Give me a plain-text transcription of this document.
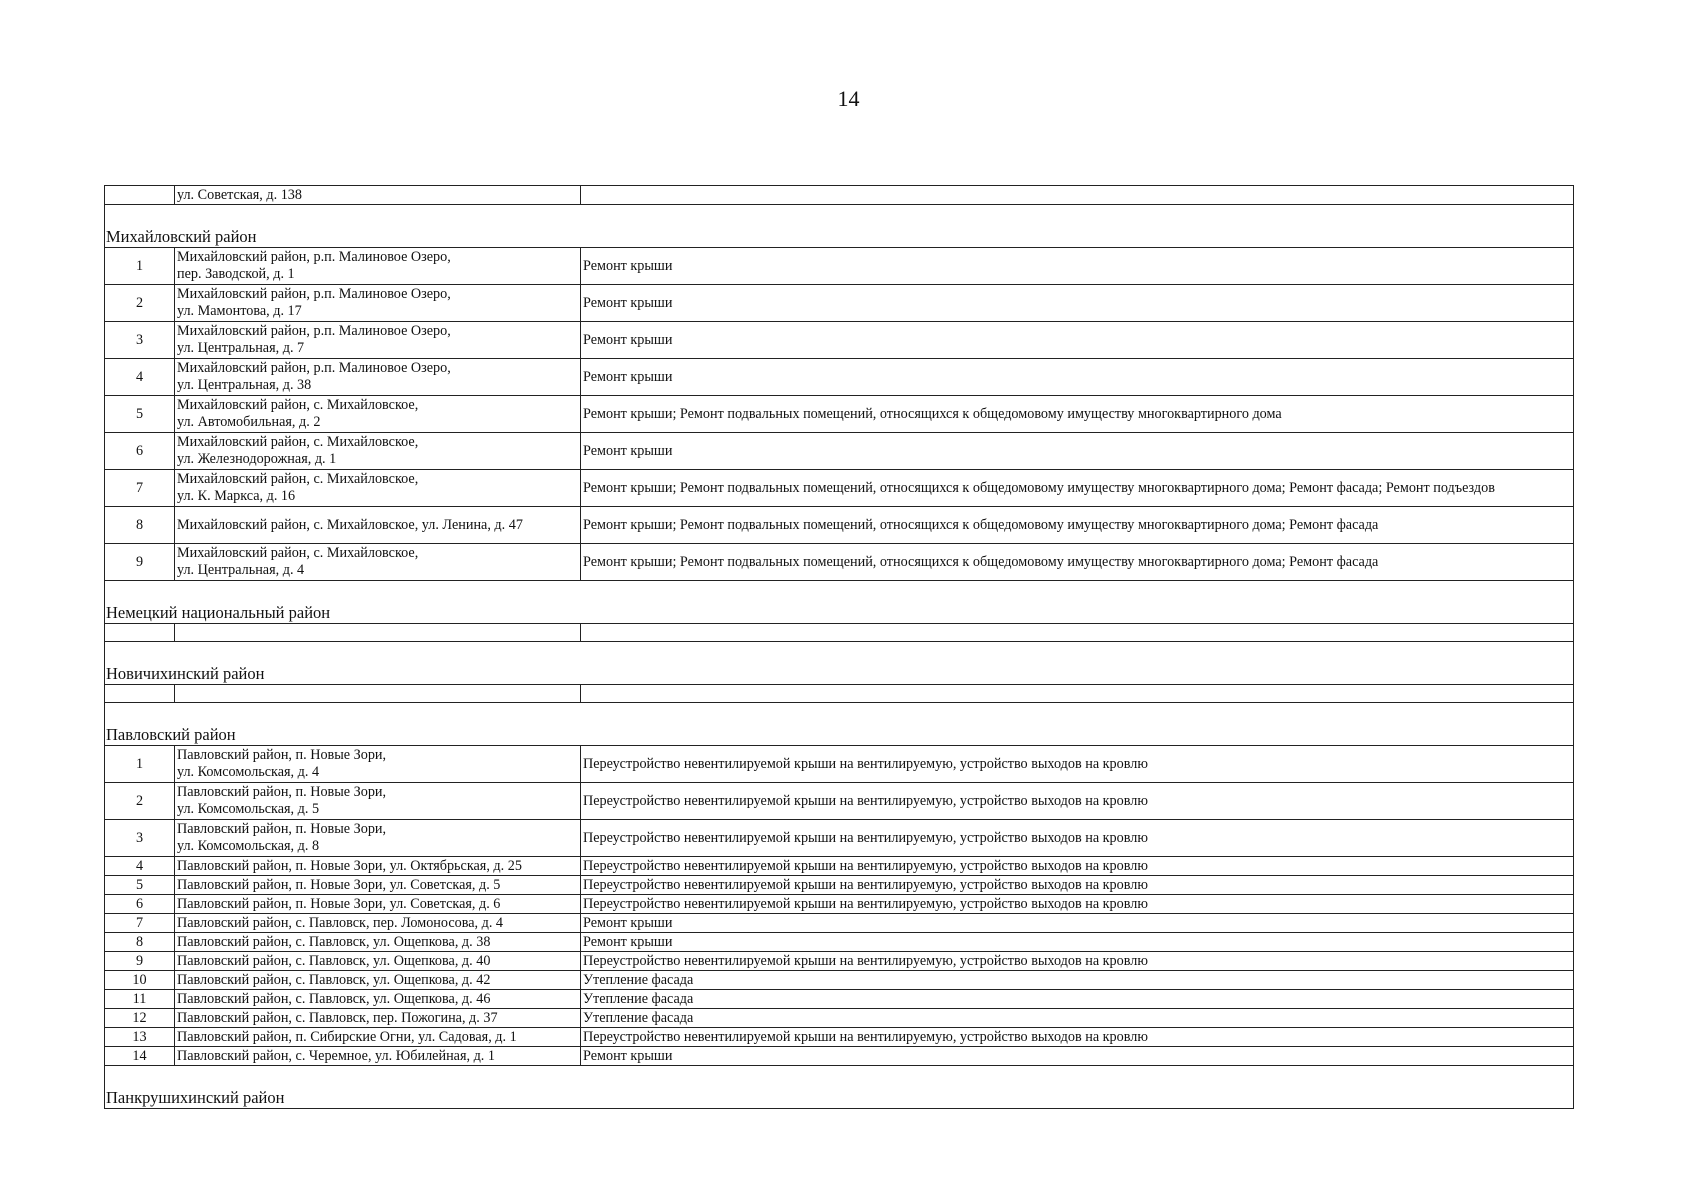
14
	ул. Советская, д. 138	
Михайловский район		
1	Михайловский район, р.п. Малиновое Озеро,
пер. Заводской, д. 1	Ремонт крыши
2	Михайловский район, р.п. Малиновое Озеро,
ул. Мамонтова, д. 17	Ремонт крыши
3	Михайловский район, р.п. Малиновое Озеро,
ул. Центральная, д. 7	Ремонт крыши
4	Михайловский район, р.п. Малиновое Озеро,
ул. Центральная, д. 38	Ремонт крыши
5	Михайловский район, с. Михайловское,
ул. Автомобильная, д. 2	Ремонт крыши; Ремонт подвальных помещений, относящихся к общедомовому имуществу многоквартирного дома
6	Михайловский район, с. Михайловское,
ул. Железнодорожная, д. 1	Ремонт крыши
7	Михайловский район, с. Михайловское,
ул. К. Маркса, д. 16	Ремонт крыши; Ремонт подвальных помещений, относящихся к общедомовому имуществу многоквартирного дома; Ремонт фасада; Ремонт подъездов
8	Михайловский район, с. Михайловское, ул. Ленина, д. 47	Ремонт крыши; Ремонт подвальных помещений, относящихся к общедомовому имуществу многоквартирного дома; Ремонт фасада
9	Михайловский район, с. Михайловское,
ул. Центральная, д. 4	Ремонт крыши; Ремонт подвальных помещений, относящихся к общедомовому имуществу многоквартирного дома; Ремонт фасада
Немецкий национальный район		

Новичихинский район		

Павловский район		
1	Павловский район, п. Новые Зори,
ул. Комсомольская, д. 4	Переустройство невентилируемой крыши на вентилируемую, устройство выходов на кровлю
2	Павловский район, п. Новые Зори,
ул. Комсомольская, д. 5	Переустройство невентилируемой крыши на вентилируемую, устройство выходов на кровлю
3	Павловский район, п. Новые Зори,
ул. Комсомольская, д. 8	Переустройство невентилируемой крыши на вентилируемую, устройство выходов на кровлю
4	Павловский район, п. Новые Зори, ул. Октябрьская, д. 25	Переустройство невентилируемой крыши на вентилируемую, устройство выходов на кровлю
5	Павловский район, п. Новые Зори, ул. Советская, д. 5	Переустройство невентилируемой крыши на вентилируемую, устройство выходов на кровлю
6	Павловский район, п. Новые Зори, ул. Советская, д. 6	Переустройство невентилируемой крыши на вентилируемую, устройство выходов на кровлю
7	Павловский район, с. Павловск, пер. Ломоносова, д. 4	Ремонт крыши
8	Павловский район, с. Павловск, ул. Ощепкова, д. 38	Ремонт крыши
9	Павловский район, с. Павловск, ул. Ощепкова, д. 40	Переустройство невентилируемой крыши на вентилируемую, устройство выходов на кровлю
10	Павловский район, с. Павловск, ул. Ощепкова, д. 42	Утепление фасада
11	Павловский район, с. Павловск, ул. Ощепкова, д. 46	Утепление фасада
12	Павловский район, с. Павловск, пер. Пожогина, д. 37	Утепление фасада
13	Павловский район, п. Сибирские Огни, ул. Садовая, д. 1	Переустройство невентилируемой крыши на вентилируемую, устройство выходов на кровлю
14	Павловский район, с. Черемное, ул. Юбилейная, д. 1	Ремонт крыши
Панкрушихинский район		
